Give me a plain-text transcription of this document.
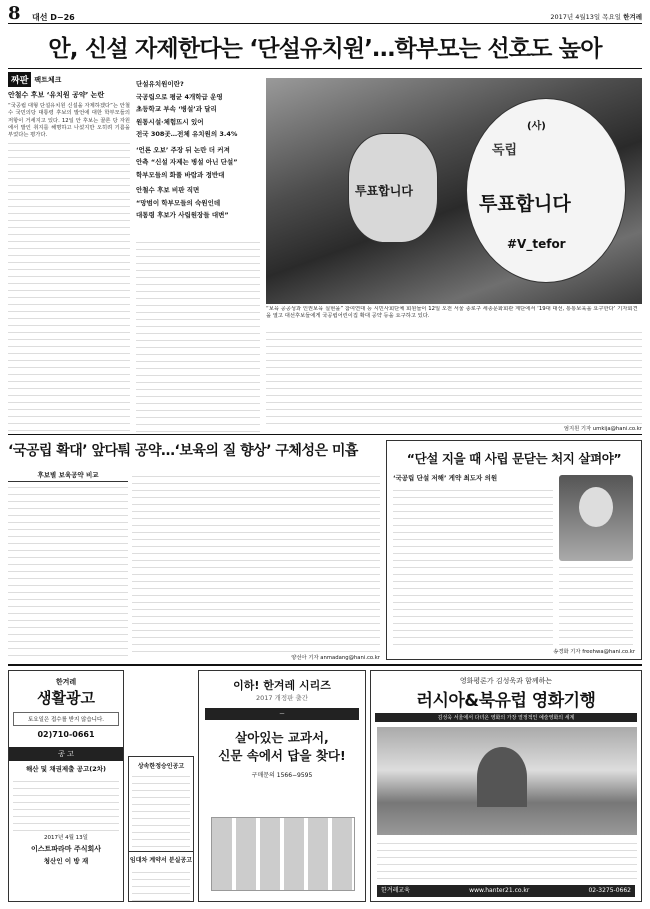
8 대선 D−26	2017년 4월13일 목요일 한겨레
안, 신설 자제한다는 ‘단설유치원’…학부모는 선호도 높아
짜판 팩트체크
안철수 후보 ‘유치원 공약’ 논란
“국공립 대형 단설유치원 신설을 자제하겠다”는 안철수 국민의당 대통령 후보의 발언에 대한 학부모들의 저항이 거세지고 있다. 12일 안 후보는 꿀론 당 자원에서 발인 취지를 해명하고 나섰지만 오히려 기름을 부었다는 평가다.
단설유치원이란?
국공립으로 평균 4개학급 운영
초등학교 부속 ‘병설’과 달리
원통시설·체험뜨시 있어
전국 308곳…전체 유치원의 3.4%
‘언론 오보’ 주장 뒤 논란 더 커져
안측 “신설 자제는 병설 아닌 단설”
학부모들의 화풀 바람과 정반대
안철수 후보 비판 직면
“망범이 학부모들의 숙원인데
대통령 후보가 사립원장들 대변”
(사)
독립
투표합니다
#V_tefor
투표합니다
“보육 공공성과 인권보육 실현을” 참여연대 등 시민사회단체 회원들이 12일 오전 서울 종로구 세종문화회관 계단에서 ‘19대 대선, 통통보육을 요구한다’ 기자회견을 열고 대선후보들에게 국공립어린이집 확대 공약 등을 요구하고 있다.
엄지원 기자 umkija@hani.co.kr
‘국공립 확대’ 앞다퉈 공약…‘보육의 질 향상’ 구체성은 미흡
후보별 보육공약 비교
양선아 기자 anmadang@hani.co.kr
“단설 지을 때 사립 문닫는 처지 살펴야”
‘국공립 단설 저해’ 게약 최도자 의원
송경화 기자 freehwa@hani.co.kr
한겨레
생활광고
토요일은 접수를 받지 않습니다.
02)710-0661
공 고
해산 및 채권제출 공고(2차)
2017년 4월 13일
이스트파라마 주식회사
청산인 이 방 재
상속한정승인공고
임대차 계약서 분실공고
이하! 한겨레 시리즈
2017 개정판 출간
—
살아있는 교과서,
신문 속에서 답을 찾다!
구매문의 1566−9595
영화평론가 김성욱과 함께하는
러시아&북유럽 영화기행
김성욱 서울에서 다녀온 영화의 가장 열정적인 예술영화의 세계
한겨레교육	www.hanter21.co.kr	02-3275-0662
